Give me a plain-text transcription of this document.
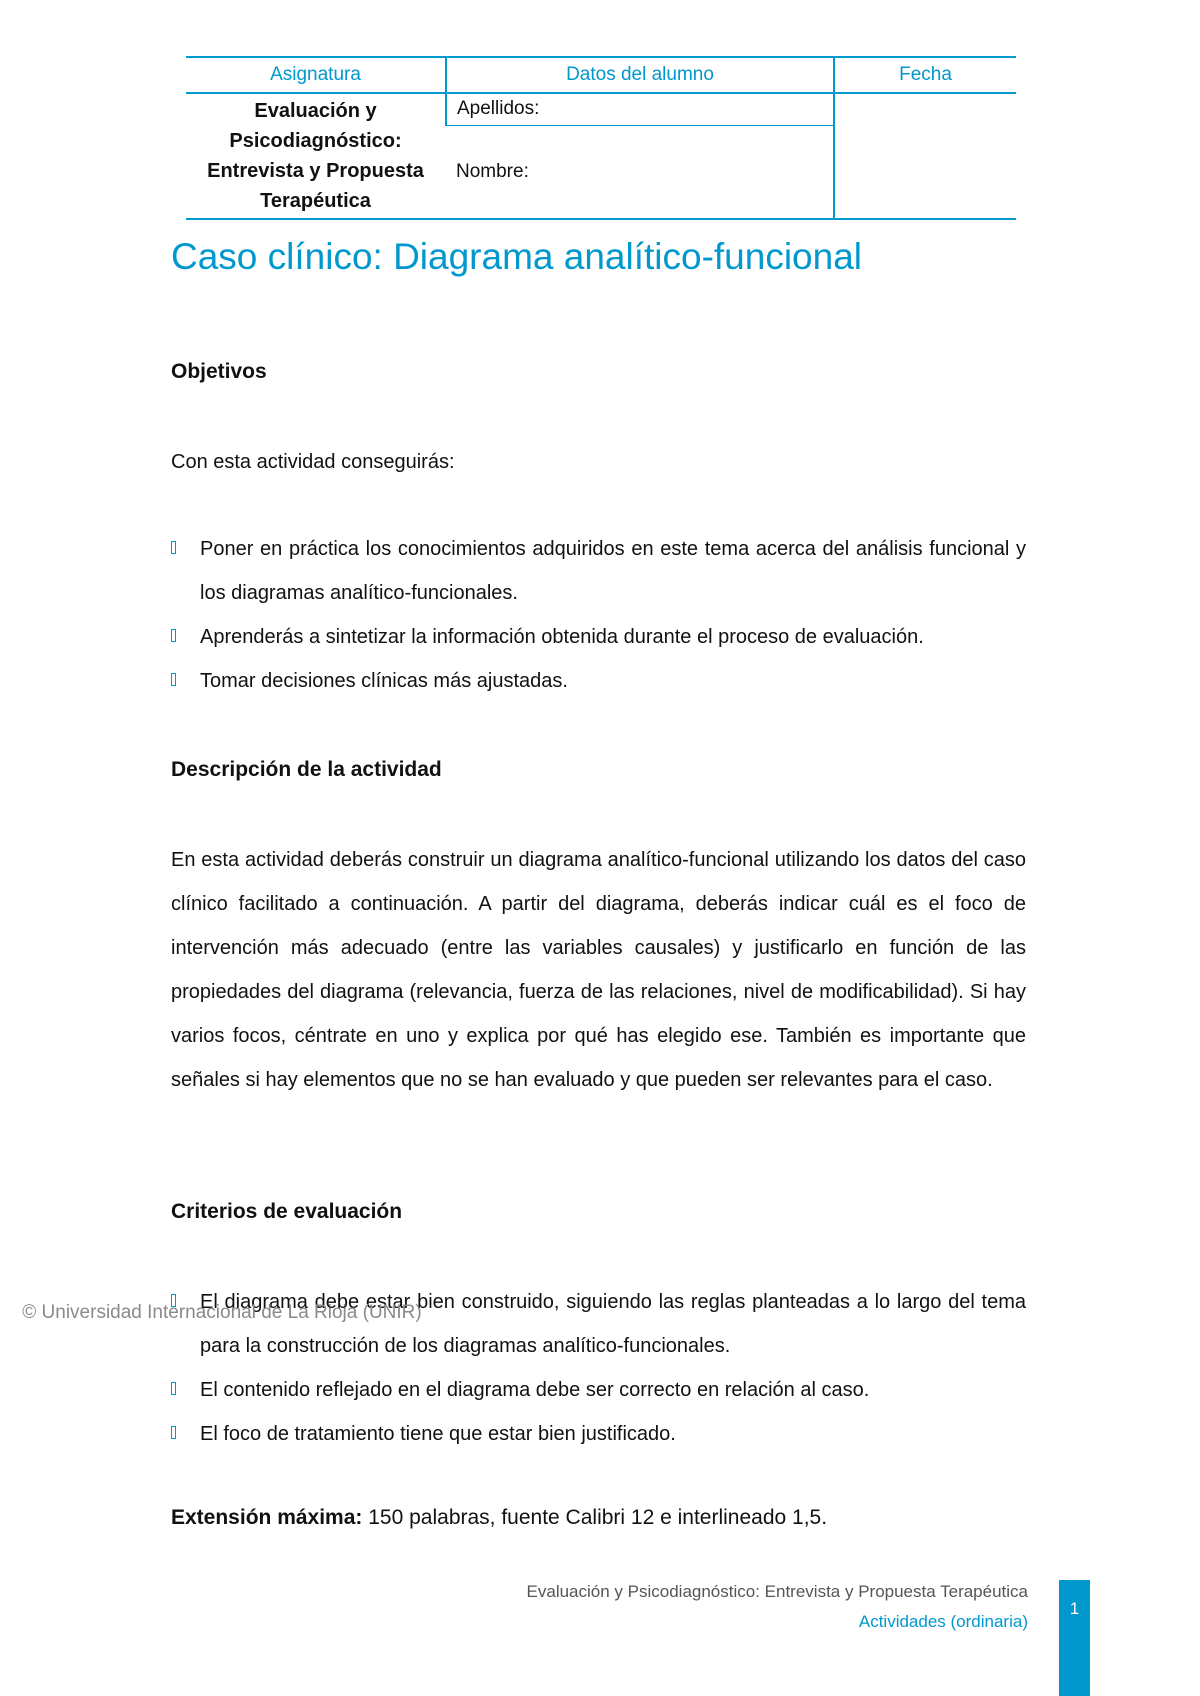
Asignatura	Datos del alumno	Fecha
Evaluación y Psicodiagnóstico: Entrevista y Propuesta Terapéutica	Apellidos:	
	Nombre:	
Caso clínico: Diagrama analítico-funcional
Objetivos

Con esta actividad conseguirás:

Poner en práctica los conocimientos adquiridos en este tema acerca del análisis funcional y los diagramas analítico-funcionales.
Aprenderás a sintetizar la información obtenida durante el proceso de evaluación.
Tomar decisiones clínicas más ajustadas.
Descripción de la actividad

En esta actividad deberás construir un diagrama analítico-funcional utilizando los datos del caso clínico facilitado a continuación. A partir del diagrama, deberás indicar cuál es el foco de intervención más adecuado (entre las variables causales) y justificarlo en función de las propiedades del diagrama (relevancia, fuerza de las relaciones, nivel de modificabilidad). Si hay varios focos, céntrate en uno y explica por qué has elegido ese. También es importante que señales si hay elementos que no se han evaluado y que pueden ser relevantes para el caso.

Criterios de evaluación
El diagrama debe estar bien construido, siguiendo las reglas planteadas a lo largo del tema para la construcción de los diagramas analítico-funcionales.
El contenido reflejado en el diagrama debe ser correcto en relación al caso.
El foco de tratamiento tiene que estar bien justificado.

Extensión máxima: 150 palabras, fuente Calibri 12 e interlineado 1,5.

© Universidad Internacional de La Rioja (UNIR)
Evaluación y Psicodiagnóstico: Entrevista y Propuesta Terapéutica
Actividades (ordinaria)
1
